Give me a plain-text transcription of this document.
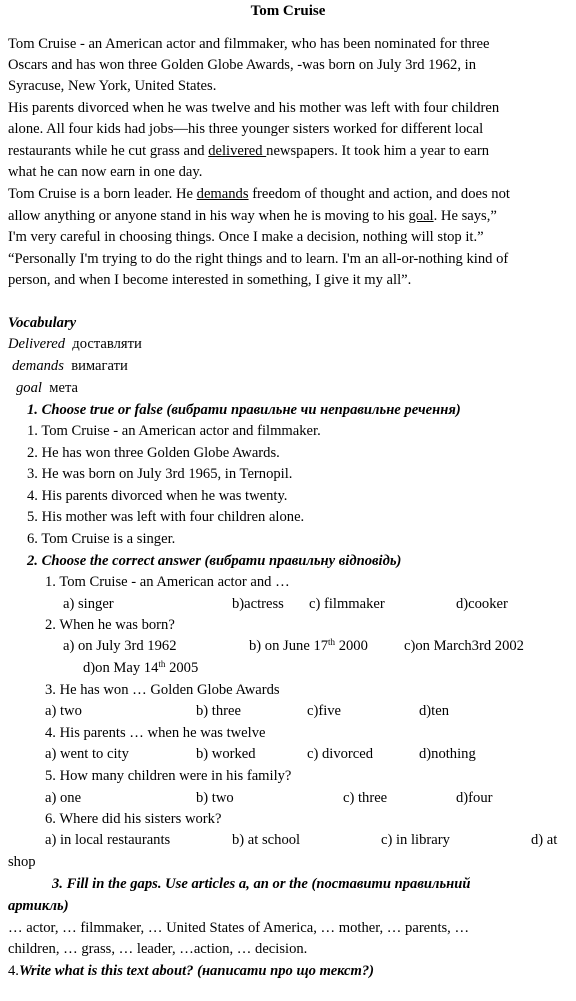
Tom Cruise
Tom Cruise - an American actor and filmmaker, who has been nominated for three
Oscars and has won three Golden Globe Awards, -was born on July 3rd 1962, in
Syracuse, New York, United States.
His parents divorced when he was twelve and his mother was left with four children
alone. All four kids had jobs—his three younger sisters worked for different local
restaurants while he cut grass and delivered newspapers. It took him a year to earn
what he can now earn in one day.
Tom Cruise is a born leader. He demands freedom of thought and action, and does not
allow anything or anyone stand in his way when he is moving to his goal. He says,”
I'm very careful in choosing things. Once I make a decision, nothing will stop it.”
“Personally I'm trying to do the right things and to learn. I'm an all-or-nothing kind of
person, and when I become interested in something, I give it my all”.
Vocabulary
Delivered доставляти
demands вимагати
goal мета
1. Choose true or false (вибрати правильне чи неправильне речення)
1. Tom Cruise - an American actor and filmmaker.
2. He has won three Golden Globe Awards.
3. He was born on July 3rd 1965, in Ternopil.
4. His parents divorced when he was twenty.
5. His mother was left with four children alone.
6. Tom Cruise is a singer.
2. Choose the correct answer (вибрати правильну відповідь)
1. Tom Cruise - an American actor and …
a) singer	b)actress c) filmmaker	d)cooker
2. When he was born?
a) on July 3rd 1962	b) on June 17th 2000 c)on March3rd 2002
d)on May 14th 2005
3. He has won … Golden Globe Awards
a) two	b) three	c)five	d)ten
4. His parents … when he was twelve
a) went to city	b) worked	c) divorced	d)nothing
5. How many children were in his family?
a) one	b) two	c) three	d)four
6. Where did his sisters work?
a) in local restaurants	b) at school	c) in library	d) at
shop
3. Fill in the gaps. Use articles a, an or the (поставити правильний
артикль)
… actor, … filmmaker, … United States of America, … mother, … parents, …
children, … grass, … leader, …action, … decision.
4.Write what is this text about? (написати про що текст?)
